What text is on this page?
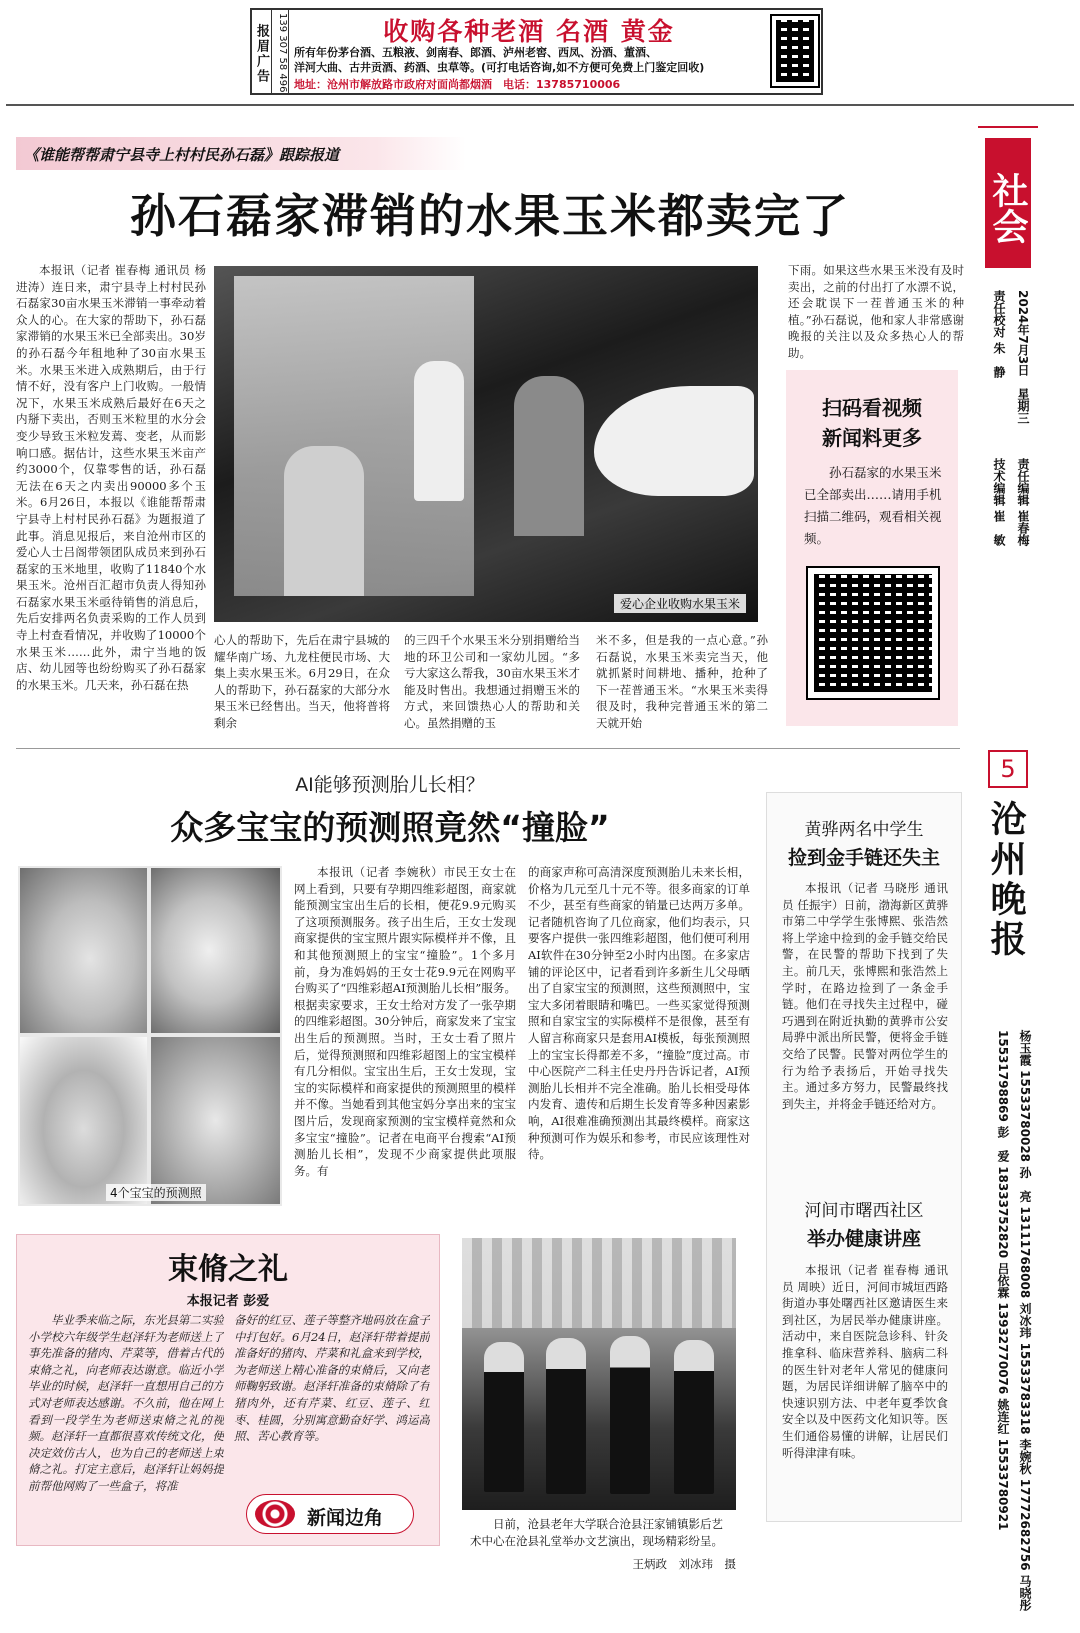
报眉广告 139 307 58 496	收购各种老酒 名酒 黄金
所有年份茅台酒、五粮液、剑南春、郎酒、泸州老窖、西凤、汾酒、董酒、
洋河大曲、古井贡酒、药酒、虫草等。(可打电话咨询,如不方便可免费上门鉴定回收)
地址：沧州市解放路市政府对面尚都烟酒　电话：13785710006
社会
2024年7月3日　星期三
责任校对 朱　静
责任编辑 崔春梅
技术编辑 崔　敏
5
沧州晚报
杨玉霞 15533780028 孙　亮 13111768008 刘冰玮 15533783318 李婉秋 17772682756 马晓彤 15531798869 彭　爱 18333752820 吕依霖 13932770076 姚连红 15533780921
《谁能帮帮肃宁县寺上村村民孙石磊》跟踪报道
孙石磊家滞销的水果玉米都卖完了

本报讯（记者 崔春梅 通讯员 杨进涛）连日来，肃宁县寺上村村民孙石磊家30亩水果玉米滞销一事牵动着众人的心。在大家的帮助下，孙石磊家滞销的水果玉米已全部卖出。30岁的孙石磊今年租地种了30亩水果玉米。水果玉米进入成熟期后，由于行情不好，没有客户上门收购。一般情况下，水果玉米成熟后最好在6天之内掰下卖出，否则玉米粒里的水分会变少导致玉米粒发蔫、变老，从而影响口感。据估计，这些水果玉米亩产约3000个，仅靠零售的话，孙石磊无法在6天之内卖出90000多个玉米。6月26日，本报以《谁能帮帮肃宁县寺上村村民孙石磊》为题报道了此事。消息见报后，来自沧州市区的爱心人士吕阁带领团队成员来到孙石磊家的玉米地里，收购了11840个水果玉米。沧州百汇超市负责人得知孙石磊家水果玉米亟待销售的消息后，先后安排两名负责采购的工作人员到寺上村查看情况，并收购了10000个水果玉米……此外，肃宁当地的饭店、幼儿园等也纷纷购买了孙石磊家的水果玉米。几天来，孙石磊在热

爱心企业收购水果玉米

心人的帮助下，先后在肃宁县城的耀华南广场、九龙柱便民市场、大集上卖水果玉米。6月29日，在众人的帮助下，孙石磊家的大部分水果玉米已经售出。当天，他将普将剩余

的三四千个水果玉米分别捐赠给当地的环卫公司和一家幼儿园。“多亏大家这么帮我，30亩水果玉米才能及时售出。我想通过捐赠玉米的方式，来回馈热心人的帮助和关心。虽然捐赠的玉

米不多，但是我的一点心意。”孙石磊说，水果玉米卖完当天，他就抓紧时间耕地、播种，抢种了下一茬普通玉米。“水果玉米卖得很及时，我种完普通玉米的第二天就开始

下雨。如果这些水果玉米没有及时卖出，之前的付出打了水漂不说，还会耽误下一茬普通玉米的种植。”孙石磊说，他和家人非常感谢晚报的关注以及众多热心人的帮助。

扫码看视频
新闻料更多
孙石磊家的水果玉米已全部卖出……请用手机扫描二维码，观看相关视频。
AI能够预测胎儿长相？
众多宝宝的预测照竟然“撞脸”
4个宝宝的预测照

本报讯（记者 李婉秋）市民王女士在网上看到，只要有孕期四维彩超图，商家就能预测宝宝出生后的长相，便花9.9元购买了这项预测服务。孩子出生后，王女士发现商家提供的宝宝照片跟实际模样并不像，且和其他预测照上的宝宝“撞脸”。1个多月前，身为准妈妈的王女士花9.9元在网购平台购买了“四维彩超AI预测胎儿长相”服务。根据卖家要求，王女士给对方发了一张孕期的四维彩超图。30分钟后，商家发来了宝宝出生后的预测照。当时，王女士看了照片后，觉得预测照和四维彩超图上的宝宝模样有几分相似。宝宝出生后，王女士发现，宝宝的实际模样和商家提供的预测照里的模样并不像。当她看到其他宝妈分享出来的宝宝图片后，发现商家预测的宝宝模样竟然和众多宝宝“撞脸”。记者在电商平台搜索“AI预测胎儿长相”，发现不少商家提供此项服务。有

的商家声称可高清深度预测胎儿未来长相，价格为几元至几十元不等。很多商家的订单不少，甚至有些商家的销量已达两万多单。记者随机咨询了几位商家，他们均表示，只要客户提供一张四维彩超图，他们便可利用AI软件在30分钟至2小时内出图。在多家店铺的评论区中，记者看到许多新生儿父母晒出了自家宝宝的预测照，这些预测照中，宝宝大多闭着眼睛和嘴巴。一些买家觉得预测照和自家宝宝的实际模样不是很像，甚至有人留言称商家只是套用AI模板，每张预测照上的宝宝长得都差不多，“撞脸”度过高。市中心医院产二科主任史丹丹告诉记者，AI预测胎儿长相并不完全准确。胎儿长相受母体内发育、遗传和后期生长发育等多种因素影响，AI很难准确预测出其最终模样。商家这种预测可作为娱乐和参考，市民应该理性对待。

黄骅两名中学生
捡到金手链还失主

本报讯（记者 马晓彤 通讯员 任振宇）日前，渤海新区黄骅市第二中学学生张博熙、张浩然将上学途中捡到的金手链交给民警，在民警的帮助下找到了失主。前几天，张博熙和张浩然上学时，在路边捡到了一条金手链。他们在寻找失主过程中，碰巧遇到在附近执勤的黄骅市公安局骅中派出所民警，便将金手链交给了民警。民警对两位学生的行为给予表扬后，开始寻找失主。通过多方努力，民警最终找到失主，并将金手链还给对方。

河间市曙西社区
举办健康讲座

本报讯（记者 崔春梅 通讯员 周映）近日，河间市城垣西路街道办事处曙西社区邀请医生来到社区，为居民举办健康讲座。活动中，来自医院急诊科、针灸推拿科、临床营养科、脑病二科的医生针对老年人常见的健康问题，为居民详细讲解了脑卒中的快速识别方法、中老年夏季饮食安全以及中医药文化知识等。医生们通俗易懂的讲解，让居民们听得津津有味。

束脩之礼
本报记者 彭爱

毕业季来临之际，东光县第二实验小学校六年级学生赵泽轩为老师送上了事先准备的猪肉、芹菜等，借着古代的束脩之礼，向老师表达谢意。临近小学毕业的时候，赵泽轩一直想用自己的方式对老师表达感谢。不久前，他在网上看到一段学生为老师送束脩之礼的视频。赵泽轩一直都很喜欢传统文化，便决定效仿古人，也为自己的老师送上束脩之礼。打定主意后，赵泽轩让妈妈提前帮他网购了一些盒子，将准

备好的红豆、莲子等整齐地码放在盒子中打包好。6月24日，赵泽轩带着提前准备好的猪肉、芹菜和礼盒来到学校，为老师送上精心准备的束脩后，又向老师鞠躬致谢。赵泽轩准备的束脩除了有猪肉外，还有芹菜、红豆、莲子、红枣、桂圆，分别寓意勤奋好学、鸿运高照、苦心教育等。

新闻边角	日前，沧县老年大学联合沧县汪家铺镇影后艺术中心在沧县礼堂举办文艺演出，现场精彩纷呈。
王炳政　刘冰玮　摄
